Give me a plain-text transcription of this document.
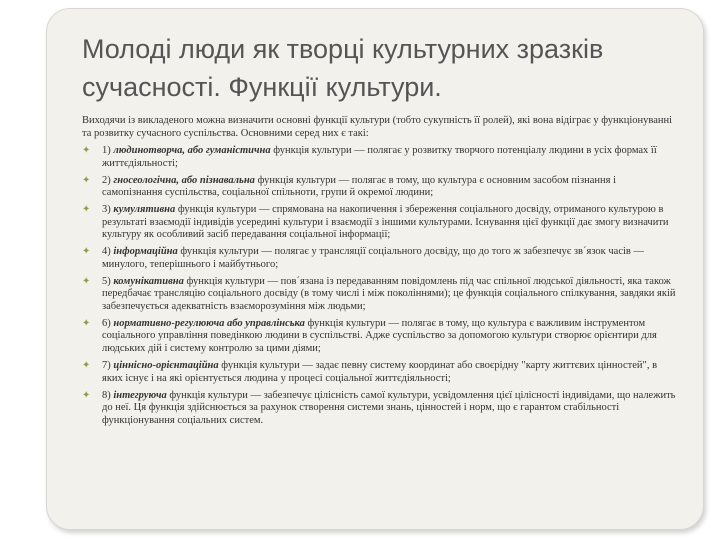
Молоді люди як творці культурних зразків сучасності. Функції культури.

Виходячи із викладеного можна визначити основні функції культури (тобто сукупність її ролей), які вона відіграє у функціонуванні та розвитку сучасного суспільства. Основними серед них є такі:

✦ 1) людинотворча, або гуманістична функція культури — полягає у розвитку творчого потенціалу людини в усіх формах її життєдіяльності;
✦ 2) гносеологічна, або пізнавальна функція культури — полягає в тому, що культура є основним засобом пізнання і самопізнання суспільства, соціальної спільноти, групи й окремої людини;
✦ 3) кумулятивна функція культури — спрямована на накопичення і збереження соціального досвіду, отриманого культурою в результаті взаємодії індивідів усередині культури і взаємодії з іншими культурами. Існування цієї функції дає змогу визначити культуру як особливий засіб передавання соціальної інформації;
✦ 4) інформаційна функція культури — полягає у трансляції соціального досвіду, що до того ж забезпечує зв´язок часів — минулого, теперішнього і майбутнього;
✦ 5) комунікативна функція культури — пов´язана із передаванням повідомлень під час спільної людської діяльності, яка також передбачає трансляцію соціального досвіду (в тому числі і між поколіннями); це функція соціального спілкування, завдяки якій забезпечується адекватність взаєморозуміння між людьми;
✦ 6) нормативно-регулююча або управлінська функція культури — полягає в тому, що культура є важливим інструментом соціального управління поведінкою людини в суспільстві. Адже суспільство за допомогою культури створює орієнтири для людських дій і систему контролю за цими діями;
✦ 7) ціннісно-орієнтаційна функція культури — задає певну систему координат або своєрідну "карту життєвих цінностей", в яких існує і на які орієнтується людина у процесі соціальної життєдіяльності;
✦ 8) інтегруюча функція культури — забезпечує цілісність самої культури, усвідомлення цієї цілісності індивідами, що належить до неї. Ця функція здійснюється за рахунок створення системи знань, цінностей і норм, що є гарантом стабільності функціонування соціальних систем.
